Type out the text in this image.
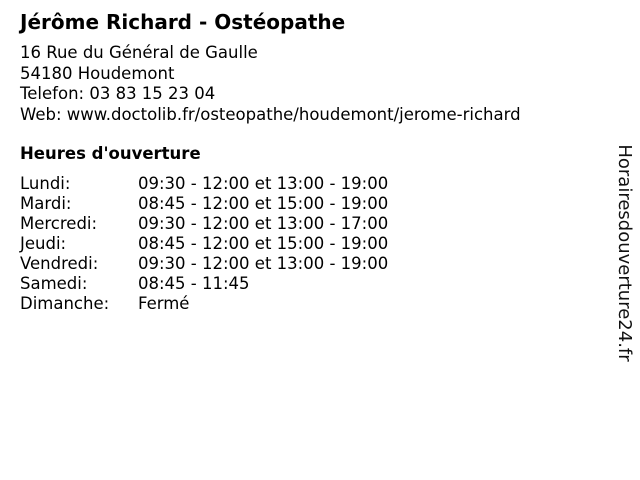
Jérôme Richard - Ostéopathe
16 Rue du Général de Gaulle
54180 Houdemont
Telefon: 03 83 15 23 04
Web: www.doctolib.fr/osteopathe/houdemont/jerome-richard
Heures d'ouverture
Lundi:	09:30 - 12:00 et 13:00 - 19:00
Mardi:	08:45 - 12:00 et 15:00 - 19:00
Mercredi:	09:30 - 12:00 et 13:00 - 17:00
Jeudi:	08:45 - 12:00 et 15:00 - 19:00
Vendredi:	09:30 - 12:00 et 13:00 - 19:00
Samedi:	08:45 - 11:45
Dimanche:	Fermé	Horairesdouverture24.fr
